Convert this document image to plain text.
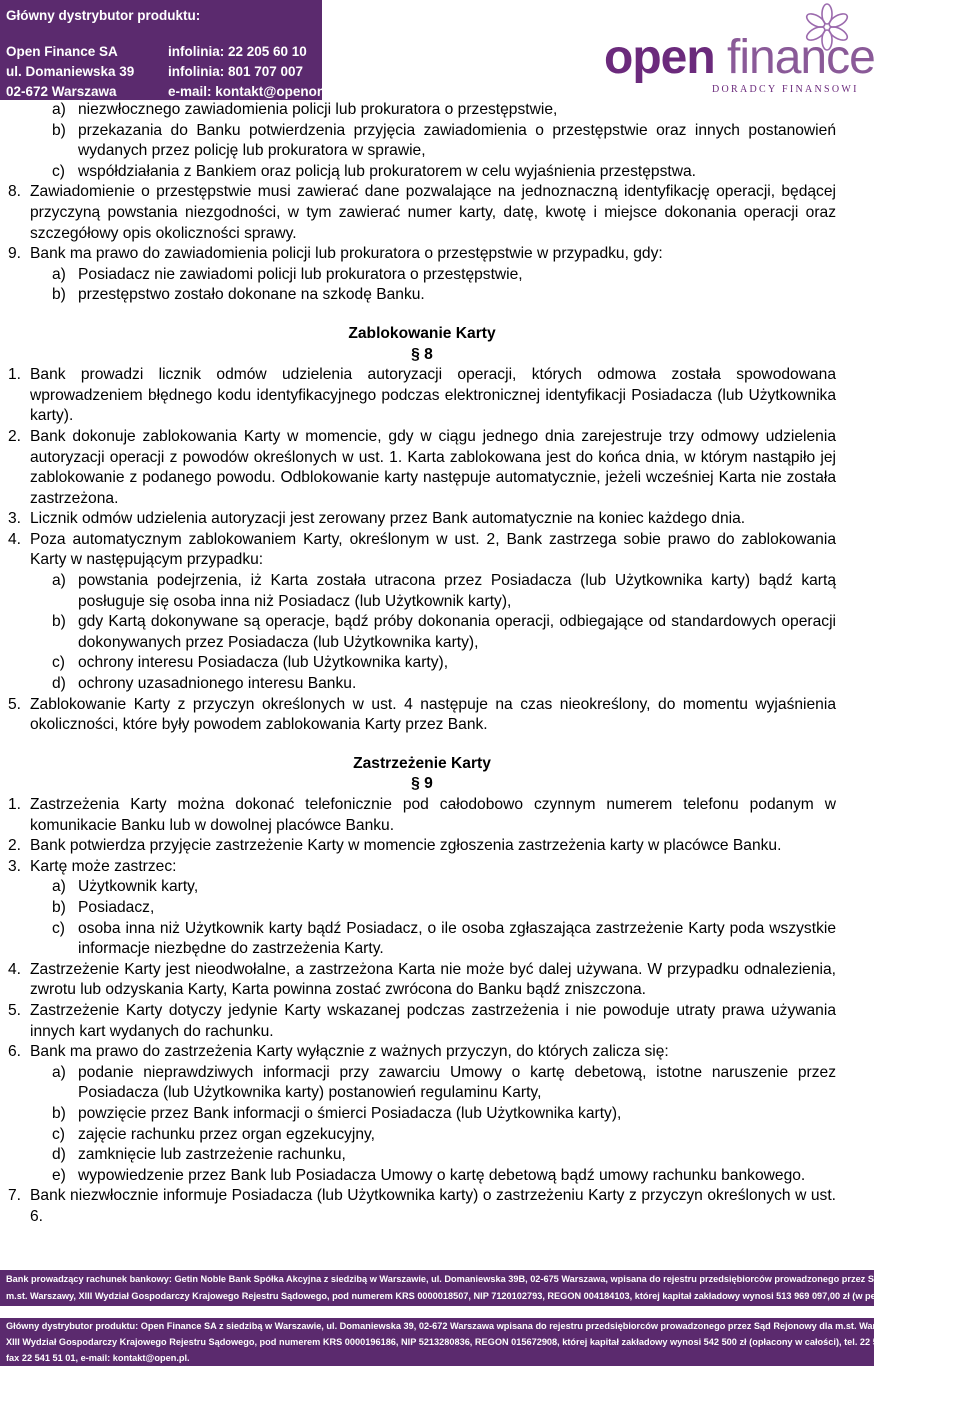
Główny dystrybutor produktu:
Open Finance SA
ul. Domaniewska 39
02-672 Warszawa
infolinia: 22 205 60 10
infolinia: 801 707 007
e-mail: kontakt@openonline.pl
open finance
DORADCY FINANSOWI
a) niezwłocznego zawiadomienia policji lub prokuratora o przestępstwie,
b) przekazania do Banku potwierdzenia przyjęcia zawiadomienia o przestępstwie oraz innych postanowień wydanych przez policję lub prokuratora w sprawie,
c) współdziałania z Bankiem oraz policją lub prokuratorem w celu wyjaśnienia przestępstwa.
8. Zawiadomienie o przestępstwie musi zawierać dane pozwalające na jednoznaczną identyfikację operacji, będącej przyczyną powstania niezgodności, w tym zawierać numer karty, datę, kwotę i miejsce dokonania operacji oraz szczegółowy opis okoliczności sprawy.
9. Bank ma prawo do zawiadomienia policji lub prokuratora o przestępstwie w przypadku, gdy:
a) Posiadacz nie zawiadomi policji lub prokuratora o przestępstwie,
b) przestępstwo zostało dokonane na szkodę Banku.
Zablokowanie Karty
§ 8
1. Bank prowadzi licznik odmów udzielenia autoryzacji operacji, których odmowa została spowodowana wprowadzeniem błędnego kodu identyfikacyjnego podczas elektronicznej identyfikacji Posiadacza (lub Użytkownika karty).
2. Bank dokonuje zablokowania Karty w momencie, gdy w ciągu jednego dnia zarejestruje trzy odmowy udzielenia autoryzacji operacji z powodów określonych w ust. 1. Karta zablokowana jest do końca dnia, w którym nastąpiło jej zablokowanie z podanego powodu. Odblokowanie karty następuje automatycznie, jeżeli wcześniej Karta nie została zastrzeżona.
3. Licznik odmów udzielenia autoryzacji jest zerowany przez Bank automatycznie na koniec każdego dnia.
4. Poza automatycznym zablokowaniem Karty, określonym w ust. 2, Bank zastrzega sobie prawo do zablokowania Karty w następującym przypadku:
a) powstania podejrzenia, iż Karta została utracona przez Posiadacza (lub Użytkownika karty) bądź kartą posługuje się osoba inna niż Posiadacz (lub Użytkownik karty),
b) gdy Kartą dokonywane są operacje, bądź próby dokonania operacji, odbiegające od standardowych operacji dokonywanych przez Posiadacza (lub Użytkownika karty),
c) ochrony interesu Posiadacza (lub Użytkownika karty),
d) ochrony uzasadnionego interesu Banku.
5. Zablokowanie Karty z przyczyn określonych w ust. 4 następuje na czas nieokreślony, do momentu wyjaśnienia okoliczności, które były powodem zablokowania Karty przez Bank.
Zastrzeżenie Karty
§ 9
1. Zastrzeżenia Karty można dokonać telefonicznie pod całodobowo czynnym numerem telefonu podanym w komunikacie Banku lub w dowolnej placówce Banku.
2. Bank potwierdza przyjęcie zastrzeżenie Karty w momencie zgłoszenia zastrzeżenia karty w placówce Banku.
3. Kartę może zastrzec:
a) Użytkownik karty,
b) Posiadacz,
c) osoba inna niż Użytkownik karty bądź Posiadacz, o ile osoba zgłaszająca zastrzeżenie Karty poda wszystkie informacje niezbędne do zastrzeżenia Karty.
4. Zastrzeżenie Karty jest nieodwołalne, a zastrzeżona Karta nie może być dalej używana. W przypadku odnalezienia, zwrotu lub odzyskania Karty, Karta powinna zostać zwrócona do Banku bądź zniszczona.
5. Zastrzeżenie Karty dotyczy jedynie Karty wskazanej podczas zastrzeżenia i nie powoduje utraty prawa używania innych kart wydanych do rachunku.
6. Bank ma prawo do zastrzeżenia Karty wyłącznie z ważnych przyczyn, do których zalicza się:
a) podanie nieprawdziwych informacji przy zawarciu Umowy o kartę debetową, istotne naruszenie przez Posiadacza (lub Użytkownika karty) postanowień regulaminu Karty,
b) powzięcie przez Bank informacji o śmierci Posiadacza (lub Użytkownika karty),
c) zajęcie rachunku przez organ egzekucyjny,
d) zamknięcie lub zastrzeżenie rachunku,
e) wypowiedzenie przez Bank lub Posiadacza Umowy o kartę debetową bądź umowy rachunku bankowego.
7. Bank niezwłocznie informuje Posiadacza (lub Użytkownika karty) o zastrzeżeniu Karty z przyczyn określonych w ust. 6.
Bank prowadzący rachunek bankowy: Getin Noble Bank Spółka Akcyjna z siedzibą w Warszawie, ul. Domaniewska 39B, 02-675 Warszawa, wpisana do rejestru przedsiębiorców prowadzonego przez Sąd Rejonowy dla
m.st. Warszawy, XIII Wydział Gospodarczy Krajowego Rejestru Sądowego, pod numerem KRS 0000018507, NIP 7120102793, REGON 004184103, której kapitał zakładowy wynosi 513 969 097,00 zł (w pełni wpłacony).
Główny dystrybutor produktu: Open Finance SA z siedzibą w Warszawie, ul. Domaniewska 39, 02-672 Warszawa wpisana do rejestru przedsiębiorców prowadzonego przez Sąd Rejonowy dla m.st. Warszawy,
XIII Wydział Gospodarczy Krajowego Rejestru Sądowego, pod numerem KRS 0000196186, NIP 5213280836, REGON 015672908, której kapitał zakładowy wynosi 542 500 zł (opłacony w całości), tel. 22 541 51 00,
fax 22 541 51 01, e-mail: kontakt@open.pl.
